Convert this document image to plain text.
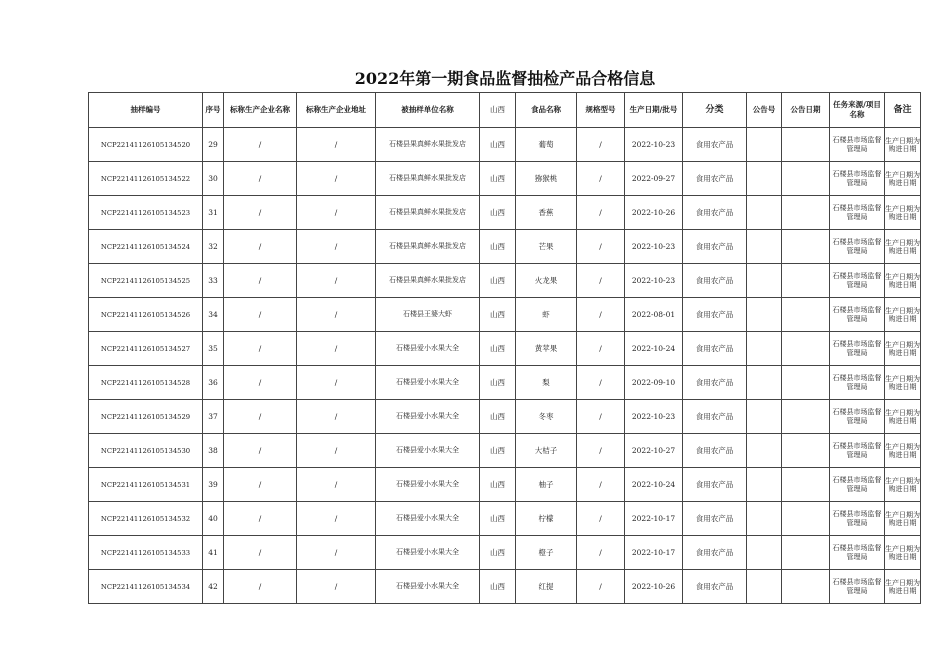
2022年第一期食品监督抽检产品合格信息
抽样编号	序号	标称生产企业名称	标称生产企业地址	被抽样单位名称	山西	食品名称	规格型号	生产日期/批号	分类	公告号	公告日期	任务来源/项目名称	备注
NCP22141126105134520	29	/	/	石楼县果真鲜水果批发店	山西	葡萄	/	2022-10-23	食用农产品			石楼县市场监督管理局	生产日期为购进日期
NCP22141126105134522	30	/	/	石楼县果真鲜水果批发店	山西	猕猴桃	/	2022-09-27	食用农产品			石楼县市场监督管理局	生产日期为购进日期
NCP22141126105134523	31	/	/	石楼县果真鲜水果批发店	山西	香蕉	/	2022-10-26	食用农产品			石楼县市场监督管理局	生产日期为购进日期
NCP22141126105134524	32	/	/	石楼县果真鲜水果批发店	山西	芒果	/	2022-10-23	食用农产品			石楼县市场监督管理局	生产日期为购进日期
NCP22141126105134525	33	/	/	石楼县果真鲜水果批发店	山西	火龙果	/	2022-10-23	食用农产品			石楼县市场监督管理局	生产日期为购进日期
NCP22141126105134526	34	/	/	石楼县王婆大虾	山西	虾	/	2022-08-01	食用农产品			石楼县市场监督管理局	生产日期为购进日期
NCP22141126105134527	35	/	/	石楼县爱小水果大全	山西	黄苹果	/	2022-10-24	食用农产品			石楼县市场监督管理局	生产日期为购进日期
NCP22141126105134528	36	/	/	石楼县爱小水果大全	山西	梨	/	2022-09-10	食用农产品			石楼县市场监督管理局	生产日期为购进日期
NCP22141126105134529	37	/	/	石楼县爱小水果大全	山西	冬枣	/	2022-10-23	食用农产品			石楼县市场监督管理局	生产日期为购进日期
NCP22141126105134530	38	/	/	石楼县爱小水果大全	山西	大桔子	/	2022-10-27	食用农产品			石楼县市场监督管理局	生产日期为购进日期
NCP22141126105134531	39	/	/	石楼县爱小水果大全	山西	柚子	/	2022-10-24	食用农产品			石楼县市场监督管理局	生产日期为购进日期
NCP22141126105134532	40	/	/	石楼县爱小水果大全	山西	柠檬	/	2022-10-17	食用农产品			石楼县市场监督管理局	生产日期为购进日期
NCP22141126105134533	41	/	/	石楼县爱小水果大全	山西	橙子	/	2022-10-17	食用农产品			石楼县市场监督管理局	生产日期为购进日期
NCP22141126105134534	42	/	/	石楼县爱小水果大全	山西	红提	/	2022-10-26	食用农产品			石楼县市场监督管理局	生产日期为购进日期
